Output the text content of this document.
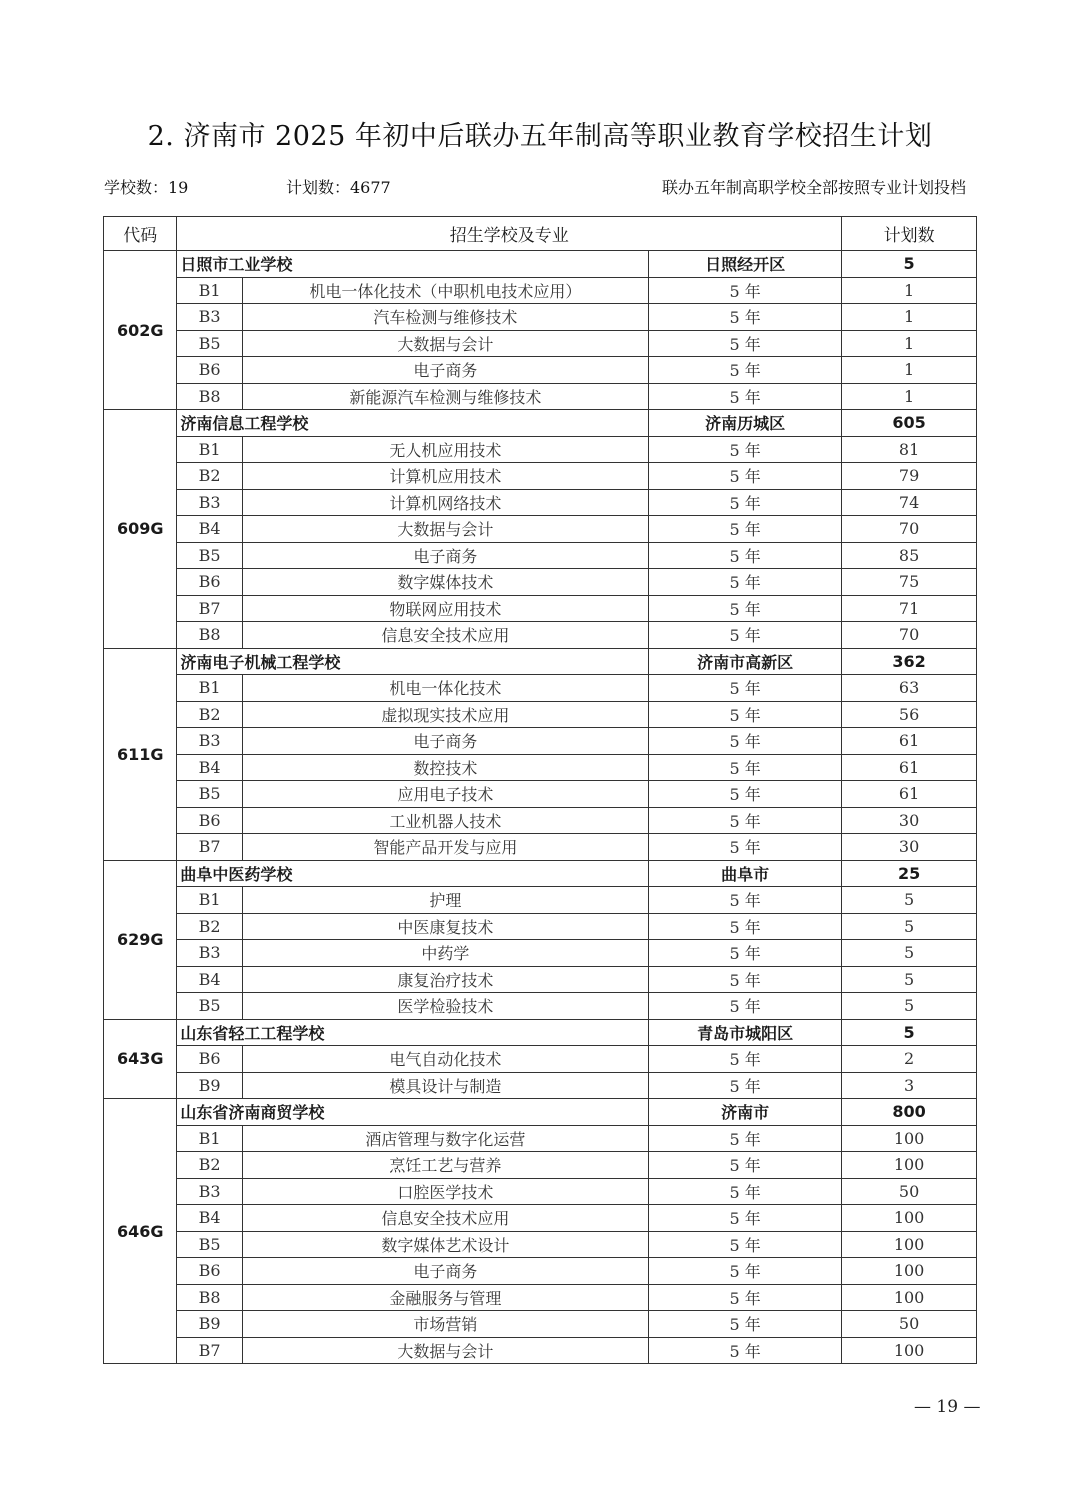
2. 济南市 2025 年初中后联办五年制高等职业教育学校招生计划
学校数：19	计划数：4677	联办五年制高职学校全部按照专业计划投档
代码	招生学校及专业			计划数
602G	日照市工业学校		日照经开区	5
	B1	机电一体化技术（中职机电技术应用）	5 年	1
	B3	汽车检测与维修技术	5 年	1
	B5	大数据与会计	5 年	1
	B6	电子商务	5 年	1
	B8	新能源汽车检测与维修技术	5 年	1
609G	济南信息工程学校		济南历城区	605
	B1	无人机应用技术	5 年	81
	B2	计算机应用技术	5 年	79
	B3	计算机网络技术	5 年	74
	B4	大数据与会计	5 年	70
	B5	电子商务	5 年	85
	B6	数字媒体技术	5 年	75
	B7	物联网应用技术	5 年	71
	B8	信息安全技术应用	5 年	70
611G	济南电子机械工程学校		济南市高新区	362
	B1	机电一体化技术	5 年	63
	B2	虚拟现实技术应用	5 年	56
	B3	电子商务	5 年	61
	B4	数控技术	5 年	61
	B5	应用电子技术	5 年	61
	B6	工业机器人技术	5 年	30
	B7	智能产品开发与应用	5 年	30
629G	曲阜中医药学校		曲阜市	25
	B1	护理	5 年	5
	B2	中医康复技术	5 年	5
	B3	中药学	5 年	5
	B4	康复治疗技术	5 年	5
	B5	医学检验技术	5 年	5
643G	山东省轻工工程学校		青岛市城阳区	5
	B6	电气自动化技术	5 年	2
	B9	模具设计与制造	5 年	3
646G	山东省济南商贸学校		济南市	800
	B1	酒店管理与数字化运营	5 年	100
	B2	烹饪工艺与营养	5 年	100
	B3	口腔医学技术	5 年	50
	B4	信息安全技术应用	5 年	100
	B5	数字媒体艺术设计	5 年	100
	B6	电子商务	5 年	100
	B8	金融服务与管理	5 年	100
	B9	市场营销	5 年	50
	B7	大数据与会计	5 年	100
— 19 —
